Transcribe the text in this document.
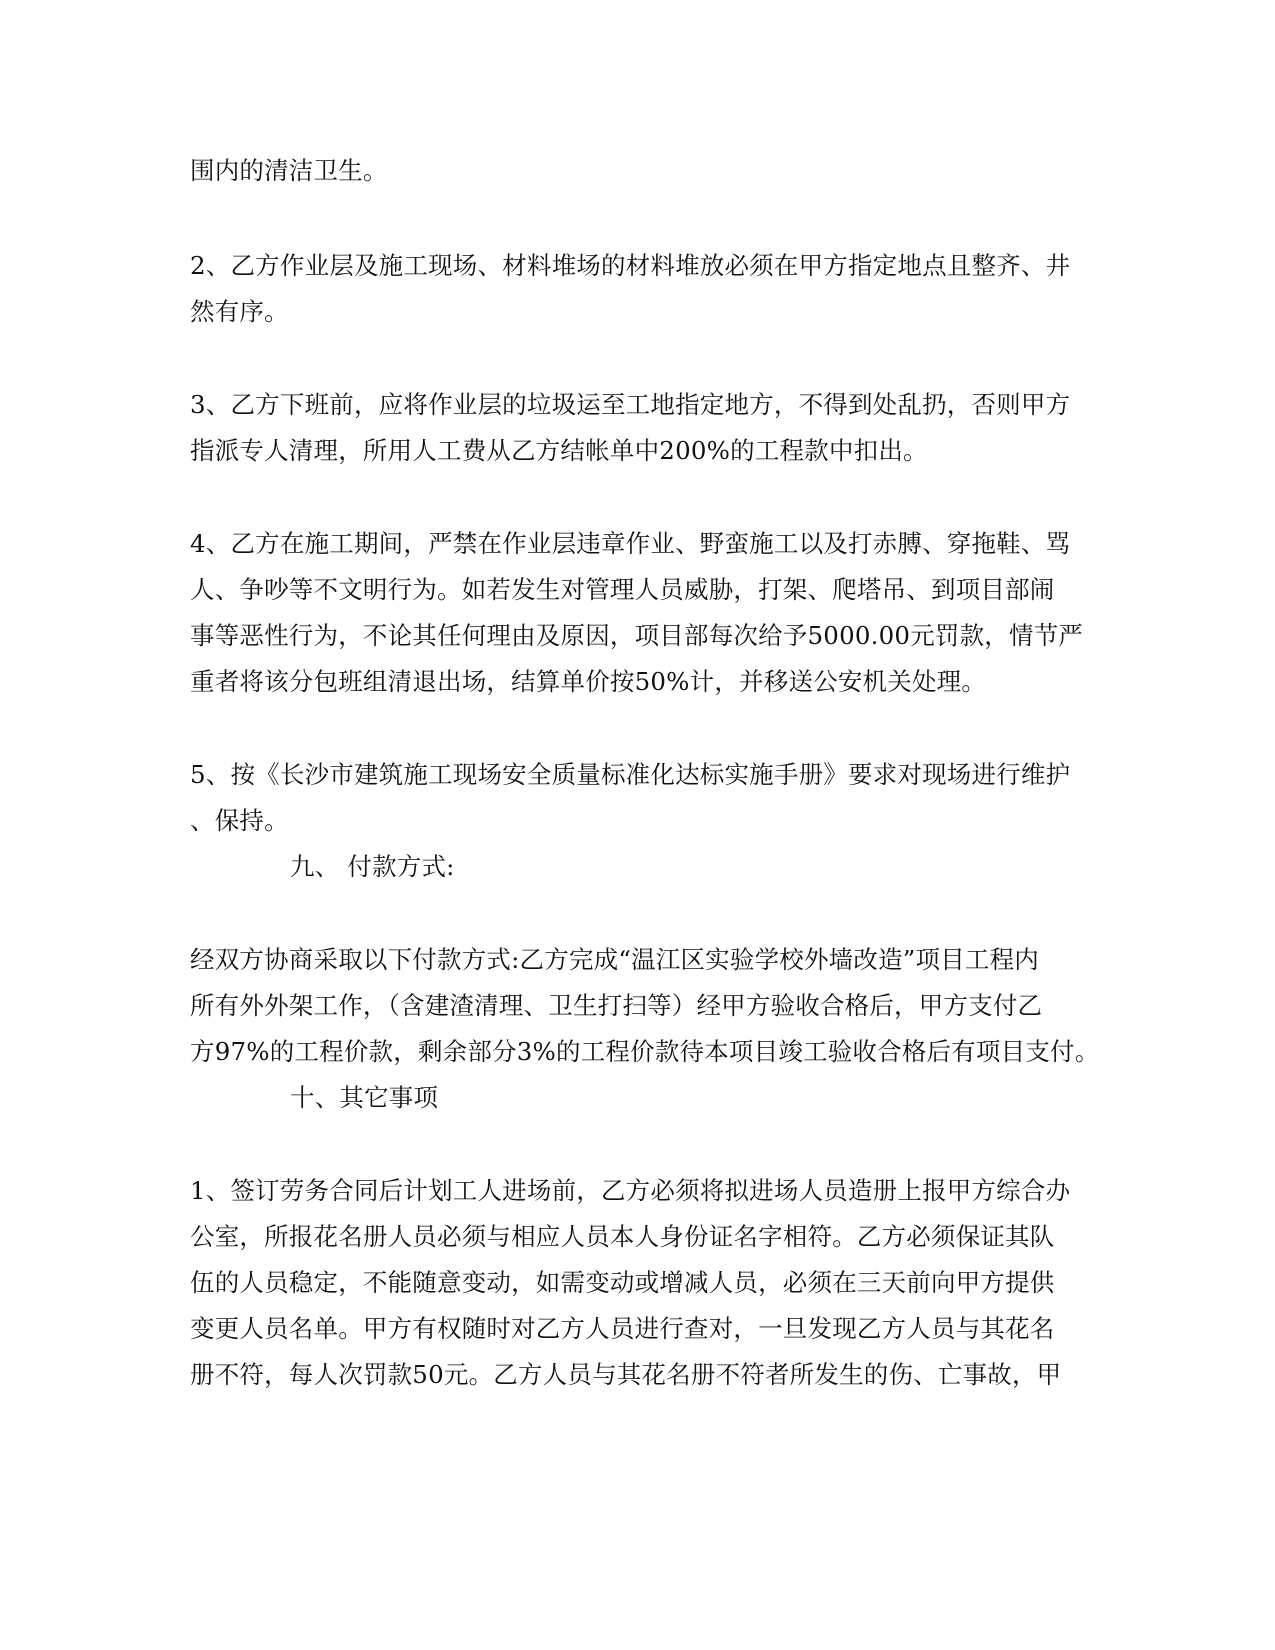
围内的清洁卫生。
2、乙方作业层及施工现场、材料堆场的材料堆放必须在甲方指定地点且整齐、井
然有序。
3、乙方下班前，应将作业层的垃圾运至工地指定地方，不得到处乱扔，否则甲方
指派专人清理，所用人工费从乙方结帐单中200%的工程款中扣出。
4、乙方在施工期间，严禁在作业层违章作业、野蛮施工以及打赤膊、穿拖鞋、骂
人、争吵等不文明行为。如若发生对管理人员威胁，打架、爬塔吊、到项目部闹
事等恶性行为，不论其任何理由及原因，项目部每次给予5000.00元罚款，情节严
重者将该分包班组清退出场，结算单价按50%计，并移送公安机关处理。
5、按《长沙市建筑施工现场安全质量标准化达标实施手册》要求对现场进行维护
、保持。
九、 付款方式:
经双方协商采取以下付款方式:乙方完成“温江区实验学校外墙改造”项目工程内
所有外外架工作，（含建渣清理、卫生打扫等）经甲方验收合格后，甲方支付乙
方97%的工程价款，剩余部分3%的工程价款待本项目竣工验收合格后有项目支付。
十、其它事项
1、签订劳务合同后计划工人进场前，乙方必须将拟进场人员造册上报甲方综合办
公室，所报花名册人员必须与相应人员本人身份证名字相符。乙方必须保证其队
伍的人员稳定，不能随意变动，如需变动或增减人员，必须在三天前向甲方提供
变更人员名单。甲方有权随时对乙方人员进行查对，一旦发现乙方人员与其花名
册不符，每人次罚款50元。乙方人员与其花名册不符者所发生的伤、亡事故，甲
